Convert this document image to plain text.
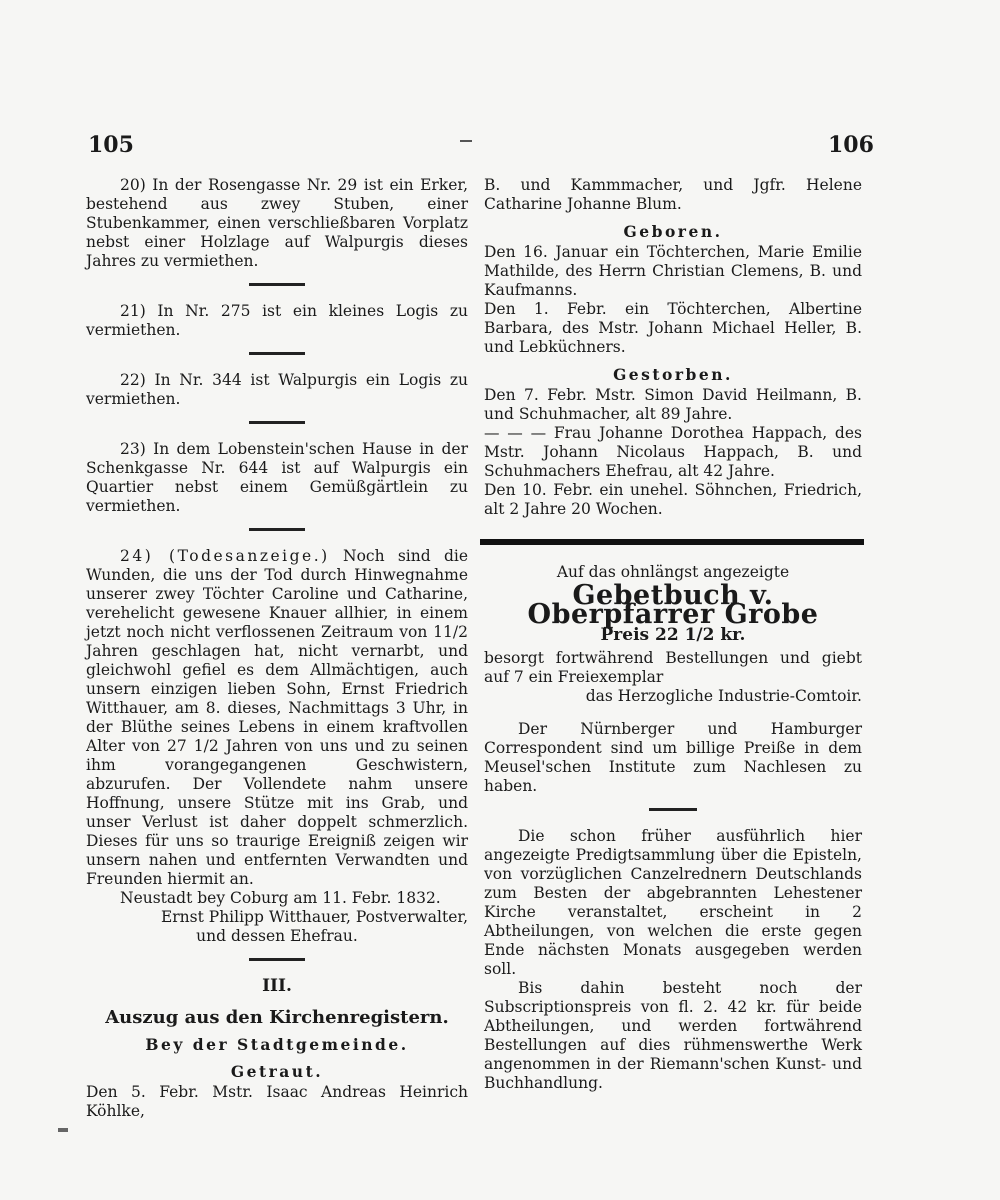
105	106

20) In der Rosengasse Nr. 29 ist ein Erker, bestehend aus zwey Stuben, einer Stubenkammer, einen verschließbaren Vorplatz nebst einer Holzlage auf Walpurgis dieses Jahres zu vermiethen.

21) In Nr. 275 ist ein kleines Logis zu vermiethen.

22) In Nr. 344 ist Walpurgis ein Logis zu vermiethen.

23) In dem Lobenstein'schen Hause in der Schenkgasse Nr. 644 ist auf Walpurgis ein Quartier nebst einem Gemüßgärtlein zu vermiethen.

24) (Todesanzeige.) Noch sind die Wunden, die uns der Tod durch Hinwegnahme unserer zwey Töchter Caroline und Catharine, verehelicht gewesene Knauer allhier, in einem jetzt noch nicht verflossenen Zeitraum von 11/2 Jahren geschlagen hat, nicht vernarbt, und gleichwohl gefiel es dem Allmächtigen, auch unsern einzigen lieben Sohn, Ernst Friedrich Witthauer, am 8. dieses, Nachmittags 3 Uhr, in der Blüthe seines Lebens in einem kraftvollen Alter von 27 1/2 Jahren von uns und zu seinen ihm vorangegangenen Geschwistern, abzurufen. Der Vollendete nahm unsere Hoffnung, unsere Stütze mit ins Grab, und unser Verlust ist daher doppelt schmerzlich. Dieses für uns so traurige Ereigniß zeigen wir unsern nahen und entfernten Verwandten und Freunden hiermit an.

Neustadt bey Coburg am 11. Febr. 1832.

Ernst Philipp Witthauer, Postverwalter,

und dessen Ehefrau.

III.
Auszug aus den Kirchenregistern.
Bey der Stadtgemeinde.
Getraut.

Den 5. Febr. Mstr. Isaac Andreas Heinrich Köhlke,

B. und Kammmacher, und Jgfr. Helene Catharine Johanne Blum.

Geboren.

Den 16. Januar ein Töchterchen, Marie Emilie Mathilde, des Herrn Christian Clemens, B. und Kaufmanns.

Den 1. Febr. ein Töchterchen, Albertine Barbara, des Mstr. Johann Michael Heller, B. und Lebküchners.

Gestorben.

Den 7. Febr. Mstr. Simon David Heilmann, B. und Schuhmacher, alt 89 Jahre.

— — — Frau Johanne Dorothea Happach, des Mstr. Johann Nicolaus Happach, B. und Schuhmachers Ehefrau, alt 42 Jahre.

Den 10. Febr. ein unehel. Söhnchen, Friedrich, alt 2 Jahre 20 Wochen.

Auf das ohnlängst angezeigte
Gebetbuch v. Oberpfarrer Grobe
Preis 22 1/2 kr.

besorgt fortwährend Bestellungen und giebt auf 7 ein Freiexemplar

das Herzogliche Industrie-Comtoir.

Der Nürnberger und Hamburger Correspondent sind um billige Preiße in dem Meusel'schen Institute zum Nachlesen zu haben.

Die schon früher ausführlich hier angezeigte Predigtsammlung über die Episteln, von vorzüglichen Canzelrednern Deutschlands zum Besten der abgebrannten Lehestener Kirche veranstaltet, erscheint in 2 Abtheilungen, von welchen die erste gegen Ende nächsten Monats ausgegeben werden soll.

Bis dahin besteht noch der Subscriptionspreis von fl. 2. 42 kr. für beide Abtheilungen, und werden fortwährend Bestellungen auf dies rühmenswerthe Werk angenommen in der Riemann'schen Kunst- und Buchhandlung.
